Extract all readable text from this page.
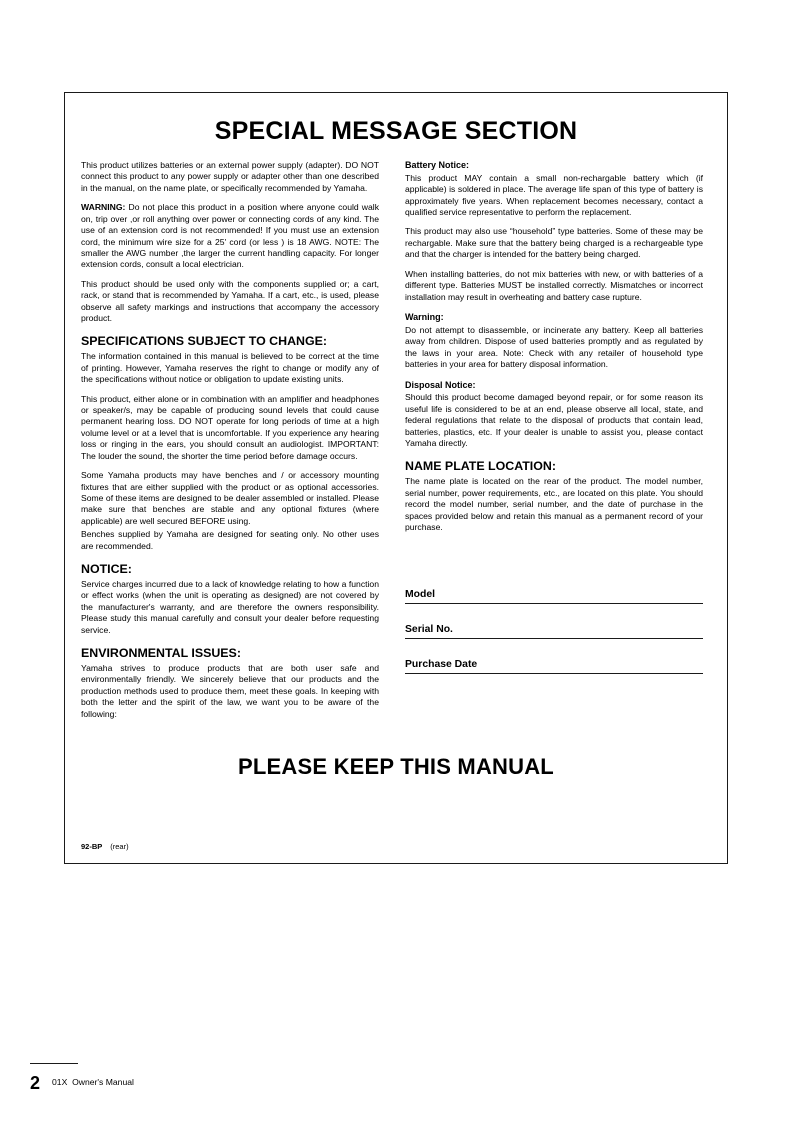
SPECIAL MESSAGE SECTION

This product utilizes batteries or an external power supply (adapter). DO NOT connect this product to any power supply or adapter other than one described in the manual, on the name plate, or specifically recommended by Yamaha.

WARNING: Do not place this product in a position where anyone could walk on, trip over ,or roll anything over power or connecting cords of any kind. The use of an extension cord is not recommended! If you must use an extension cord, the minimum wire size for a 25' cord (or less ) is 18 AWG. NOTE: The smaller the AWG number ,the larger the current handling capacity. For longer extension cords, consult a local electrician.

This product should be used only with the components supplied or; a cart, rack, or stand that is recommended by Yamaha. If a cart, etc., is used, please observe all safety markings and instructions that accompany the accessory product.

SPECIFICATIONS SUBJECT TO CHANGE:

The information contained in this manual is believed to be correct at the time of printing. However, Yamaha reserves the right to change or modify any of the specifications without notice or obligation to update existing units.

This product, either alone or in combination with an amplifier and headphones or speaker/s, may be capable of producing sound levels that could cause permanent hearing loss. DO NOT operate for long periods of time at a high volume level or at a level that is uncomfortable. If you experience any hearing loss or ringing in the ears, you should consult an audiologist. IMPORTANT: The louder the sound, the shorter the time period before damage occurs.

Some Yamaha products may have benches and / or accessory mounting fixtures that are either supplied with the product or as optional accessories. Some of these items are designed to be dealer assembled or installed. Please make sure that benches are stable and any optional fixtures (where applicable) are well secured BEFORE using.

Benches supplied by Yamaha are designed for seating only. No other uses are recommended.

NOTICE:

Service charges incurred due to a lack of knowledge relating to how a function or effect works (when the unit is operating as designed) are not covered by the manufacturer's warranty, and are therefore the owners responsibility. Please study this manual carefully and consult your dealer before requesting service.

ENVIRONMENTAL ISSUES:

Yamaha strives to produce products that are both user safe and environmentally friendly. We sincerely believe that our products and the production methods used to produce them, meet these goals. In keeping with both the letter and the spirit of the law, we want you to be aware of the following:

Battery Notice:

This product MAY contain a small non-rechargable battery which (if applicable) is soldered in place. The average life span of this type of battery is approximately five years. When replacement becomes necessary, contact a qualified service representative to perform the replacement.

This product may also use “household” type batteries. Some of these may be rechargable. Make sure that the battery being charged is a rechargeable type and that the charger is intended for the battery being charged.

When installing batteries, do not mix batteries with new, or with batteries of a different type. Batteries MUST be installed correctly. Mismatches or incorrect installation may result in overheating and battery case rupture.

Warning:

Do not attempt to disassemble, or incinerate any battery. Keep all batteries away from children. Dispose of used batteries promptly and as regulated by the laws in your area. Note: Check with any retailer of household type batteries in your area for battery disposal information.

Disposal Notice:

Should this product become damaged beyond repair, or for some reason its useful life is considered to be at an end, please observe all local, state, and federal regulations that relate to the disposal of products that contain lead, batteries, plastics, etc. If your dealer is unable to assist you, please contact Yamaha directly.

NAME PLATE LOCATION:

The name plate is located on the rear of the product. The model number, serial number, power requirements, etc., are located on this plate. You should record the model number, serial number, and the date of purchase in the spaces provided below and retain this manual as a permanent record of your purchase.

Model
Serial No.
Purchase Date
PLEASE KEEP THIS MANUAL
92-BP (rear)
2	01X Owner's Manual
